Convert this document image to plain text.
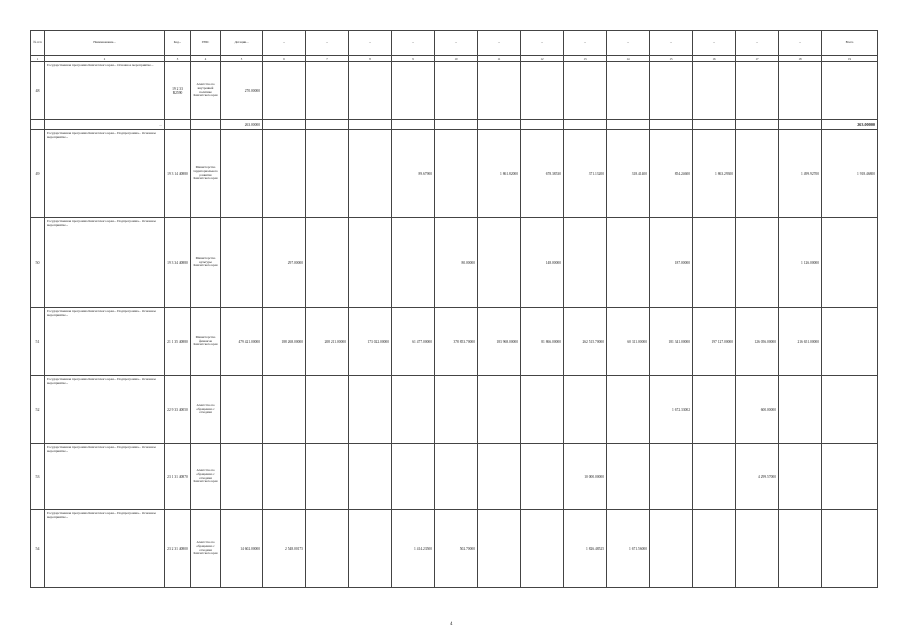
№ п/п	Наименование...	Код...	ГРБС	Дотации...	...	...	...	...	...	...	...	...	...	...	...	...	...	Всего	
1	2	3	4	5	6	7	8	9	10	11	12	13	14	15	16	17	18	19	
48	Государственная программа Камчатского края... Основное мероприятие...	19 2 33 R2590	Агентство по внутренней политике Камчатского края	270.00000															
	...			263.00000														263.00000	
49	Государственная программа Камчатского края... Подпрограмма... Основное мероприятие...	19 3 14 40880	Министерство территориального развития Камчатского края					89.67900		1 861.82000	678.38530	371.13200	318.41400	854.24600	1 863.29300		1 499.92700	1 918.46800	
50	Государственная программа Камчатского края... Подпрограмма... Основное мероприятие...	19 3 34 40880	Министерство культуры Камчатского края		297.00000				80.00000		148.00000			187.00000			1 126.00000		
51	Государственная программа Камчатского края... Подпрограмма... Основное мероприятие...	21 1 35 40880	Министерство финансов Камчатского края	479 421.00000	188 268.00000	208 211.00000	173 022.00000	61 477.00000	378 853.70000	183 968.00000	81 866.00000	262 515.70000	60 311.00000	181 341.00000	197 127.00000	126 056.00000	216 651.00000		
52	Государственная программа Камчатского края... Подпрограмма... Основное мероприятие...	22 9 33 40050	Агентство по обращению с отходами											1 672.33002		600.00000			
53	Государственная программа Камчатского края... Подпрограмма... Основное мероприятие...	23 1 31 40870	Агентство по обращению с отходами Камчатского края									10 000.00000				4 299.57000			
54	Государственная программа Камчатского края... Подпрограмма... Основное мероприятие...	23 2 31 40800	Агентство по обращению с отходами Камчатского края	14 602.00000	2 548.00175			1 414.23500	502.70000			1 826.48525	1 671.56000						
4
